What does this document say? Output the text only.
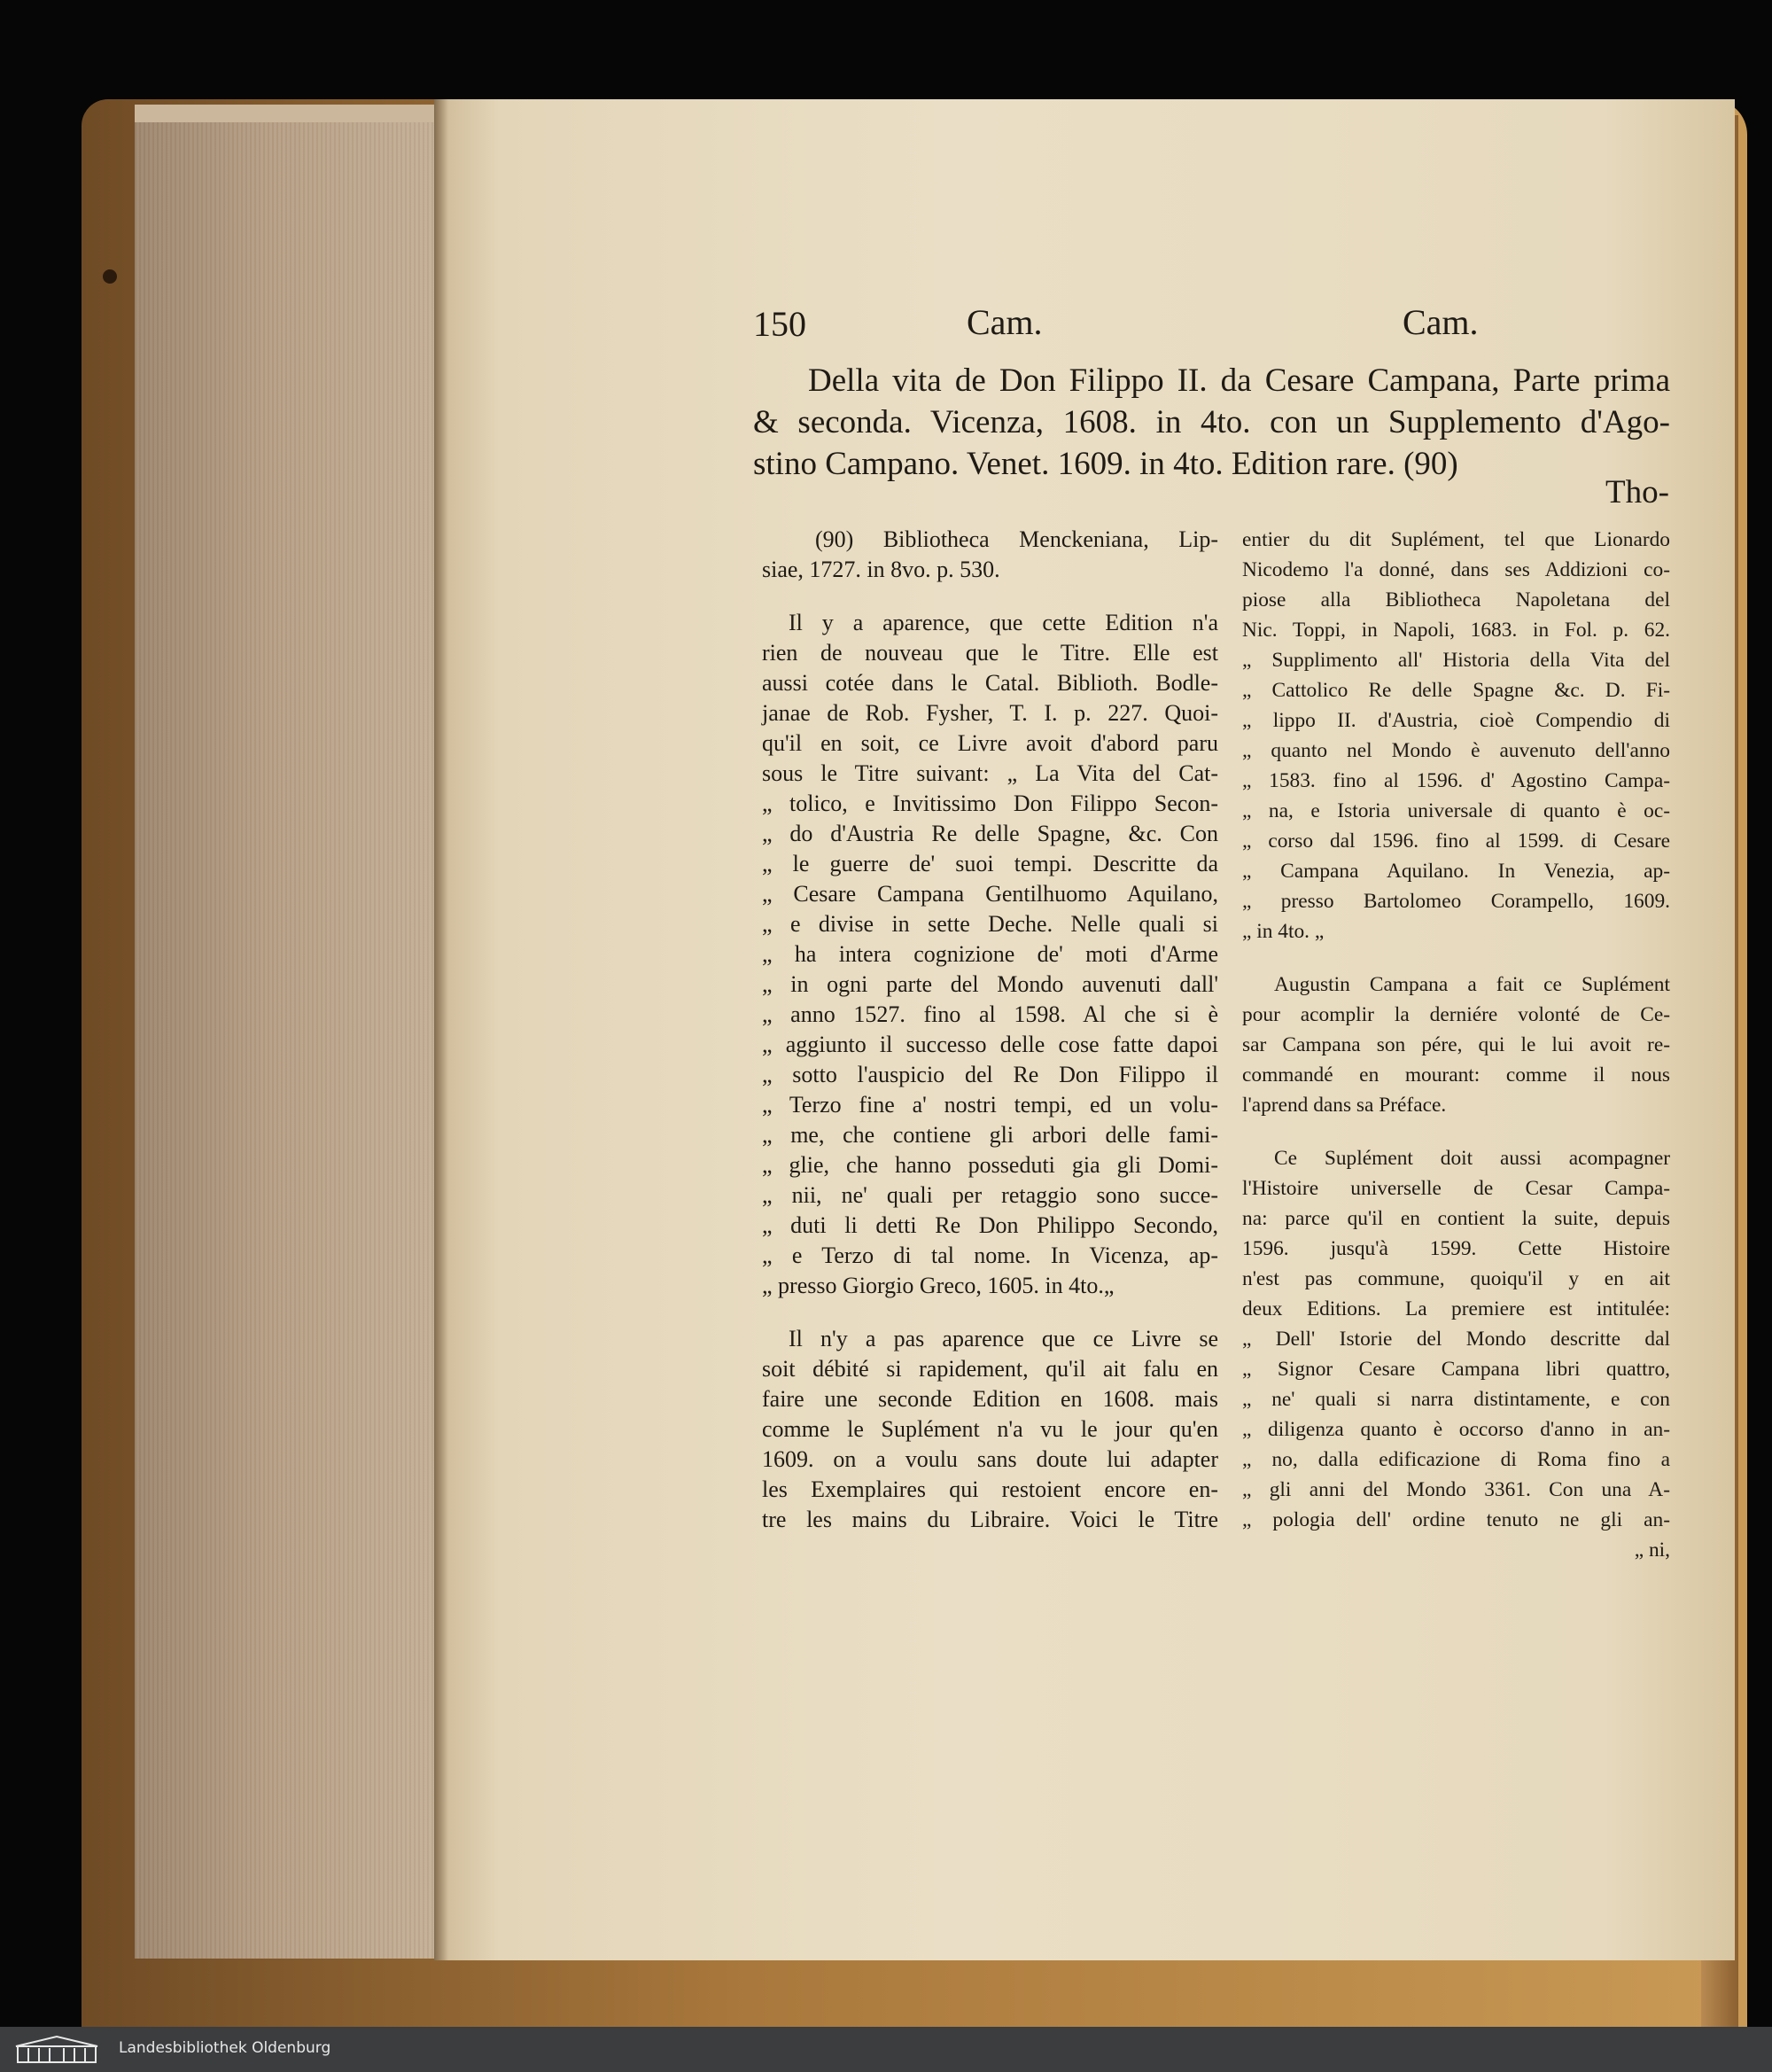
150	Cam.	Cam.
Della vita de Don Filippo II. da Cesare Campana, Parte prima
& seconda. Vicenza, 1608. in 4to. con un Supplemento d'Ago-
stino Campano. Venet. 1609. in 4to. Edition rare. (90)
Tho-
(90) Bibliotheca Menckeniana, Lip-
siae, 1727. in 8vo. p. 530.
Il y a aparence, que cette Edition n'a
rien de nouveau que le Titre. Elle est
aussi cotée dans le Catal. Biblioth. Bodle-
janae de Rob. Fysher, T. I. p. 227. Quoi-
qu'il en soit, ce Livre avoit d'abord paru
sous le Titre suivant: „ La Vita del Cat-
„ tolico, e Invitissimo Don Filippo Secon-
„ do d'Austria Re delle Spagne, &c. Con
„ le guerre de' suoi tempi. Descritte da
„ Cesare Campana Gentilhuomo Aquilano,
„ e divise in sette Deche. Nelle quali si
„ ha intera cognizione de' moti d'Arme
„ in ogni parte del Mondo auvenuti dall'
„ anno 1527. fino al 1598. Al che si è
„ aggiunto il successo delle cose fatte dapoi
„ sotto l'auspicio del Re Don Filippo il
„ Terzo fine a' nostri tempi, ed un volu-
„ me, che contiene gli arbori delle fami-
„ glie, che hanno posseduti gia gli Domi-
„ nii, ne' quali per retaggio sono succe-
„ duti li detti Re Don Philippo Secondo,
„ e Terzo di tal nome. In Vicenza, ap-
„ presso Giorgio Greco, 1605. in 4to.„
Il n'y a pas aparence que ce Livre se
soit débité si rapidement, qu'il ait falu en
faire une seconde Edition en 1608. mais
comme le Suplément n'a vu le jour qu'en
1609. on a voulu sans doute lui adapter
les Exemplaires qui restoient encore en-
tre les mains du Libraire. Voici le Titre
entier du dit Suplément, tel que Lionardo
Nicodemo l'a donné, dans ses Addizioni co-
piose alla Bibliotheca Napoletana del
Nic. Toppi, in Napoli, 1683. in Fol. p. 62.
„ Supplimento all' Historia della Vita del
„ Cattolico Re delle Spagne &c. D. Fi-
„ lippo II. d'Austria, cioè Compendio di
„ quanto nel Mondo è auvenuto dell'anno
„ 1583. fino al 1596. d' Agostino Campa-
„ na, e Istoria universale di quanto è oc-
„ corso dal 1596. fino al 1599. di Cesare
„ Campana Aquilano. In Venezia, ap-
„ presso Bartolomeo Corampello, 1609.
„ in 4to. „
Augustin Campana a fait ce Suplément
pour acomplir la derniére volonté de Ce-
sar Campana son pére, qui le lui avoit re-
commandé en mourant: comme il nous
l'aprend dans sa Préface.
Ce Suplément doit aussi acompagner
l'Histoire universelle de Cesar Campa-
na: parce qu'il en contient la suite, depuis
1596. jusqu'à 1599. Cette Histoire
n'est pas commune, quoiqu'il y en ait
deux Editions. La premiere est intitulée:
„ Dell' Istorie del Mondo descritte dal
„ Signor Cesare Campana libri quattro,
„ ne' quali si narra distintamente, e con
„ diligenza quanto è occorso d'anno in an-
„ no, dalla edificazione di Roma fino a
„ gli anni del Mondo 3361. Con una A-
„ pologia dell' ordine tenuto ne gli an-
„ ni,
Landesbibliothek Oldenburg
